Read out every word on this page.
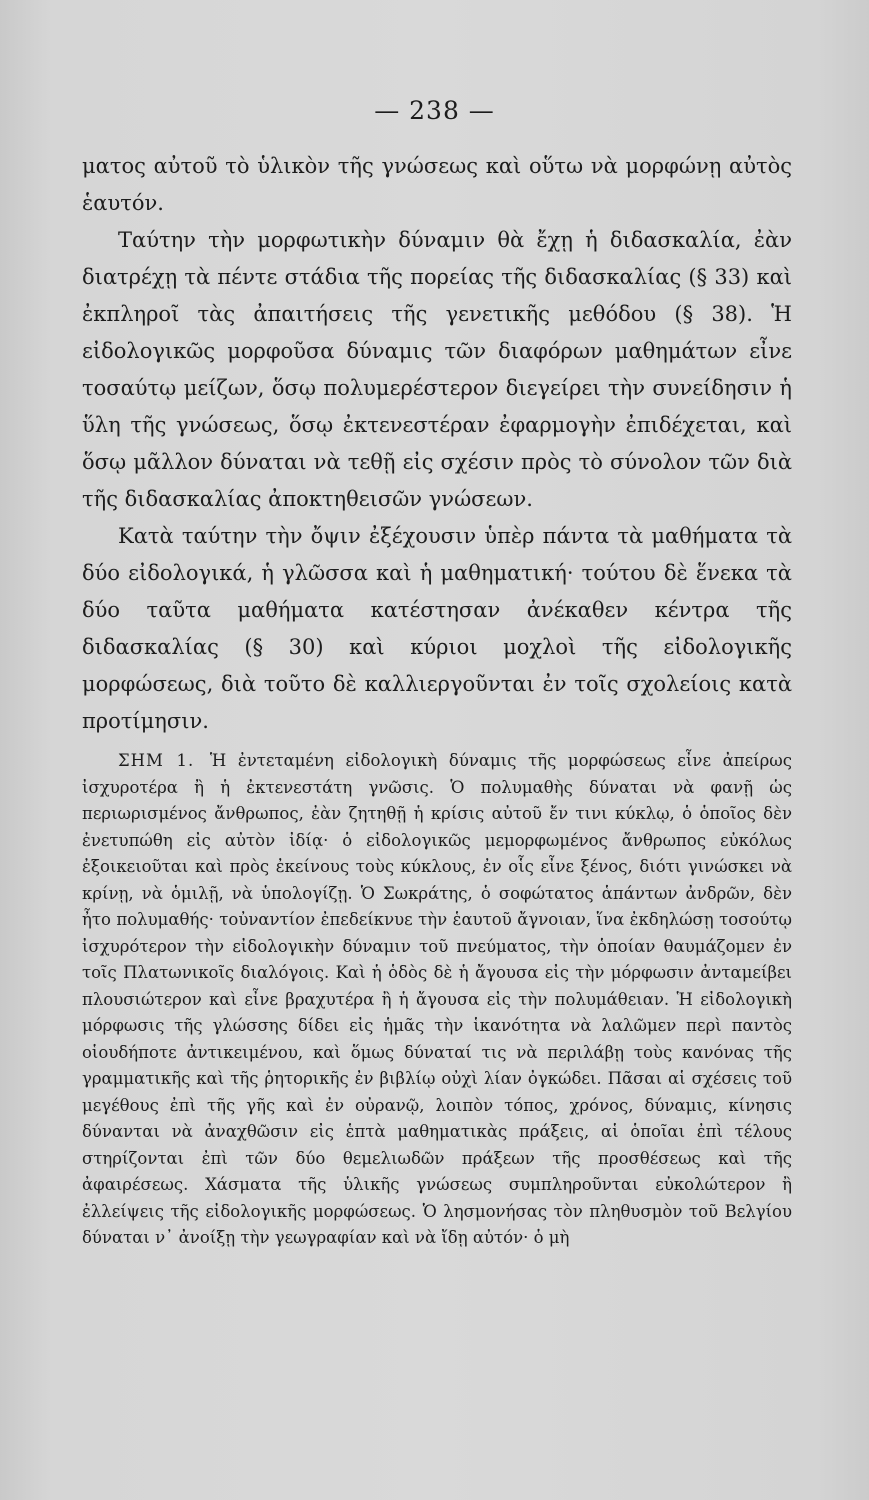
— 238 —

ματος αὐτοῦ τὸ ὑλικὸν τῆς γνώσεως καὶ οὕτω νὰ μορφώνῃ αὐτὸς ἑαυτόν.

Ταύτην τὴν μορφωτικὴν δύναμιν θὰ ἔχῃ ἡ διδασκαλία, ἐὰν διατρέχῃ τὰ πέντε στάδια τῆς πορείας τῆς διδασκαλίας (§ 33) καὶ ἐκπληροῖ τὰς ἀπαιτήσεις τῆς γενετικῆς μεθόδου (§ 38). Ἡ εἰδολογικῶς μορφοῦσα δύναμις τῶν διαφόρων μαθημάτων εἶνε τοσαύτῳ μείζων, ὅσῳ πολυμερέστερον διεγείρει τὴν συνείδησιν ἡ ὕλη τῆς γνώσεως, ὅσῳ ἐκτενεστέραν ἐφαρμογὴν ἐπιδέχεται, καὶ ὅσῳ μᾶλλον δύναται νὰ τεθῇ εἰς σχέσιν πρὸς τὸ σύνολον τῶν διὰ τῆς διδασκαλίας ἀποκτηθεισῶν γνώσεων.

Κατὰ ταύτην τὴν ὄψιν ἐξέχουσιν ὑπὲρ πάντα τὰ μαθήματα τὰ δύο εἰδολογικά, ἡ γλῶσσα καὶ ἡ μαθηματική· τούτου δὲ ἕνεκα τὰ δύο ταῦτα μαθήματα κατέστησαν ἀνέκαθεν κέντρα τῆς διδασκαλίας (§ 30) καὶ κύριοι μοχλοὶ τῆς εἰδολογικῆς μορφώσεως, διὰ τοῦτο δὲ καλλιεργοῦνται ἐν τοῖς σχολείοις κατὰ προτίμησιν.

ΣΗΜ 1. Ἡ ἐντεταμένη εἰδολογικὴ δύναμις τῆς μορφώσεως εἶνε ἀπείρως ἰσχυροτέρα ἢ ἡ ἐκτενεστάτη γνῶσις. Ὁ πολυμαθὴς δύναται νὰ φανῇ ὡς περιωρισμένος ἄνθρωπος, ἐὰν ζητηθῇ ἡ κρίσις αὐτοῦ ἔν τινι κύκλῳ, ὁ ὁποῖος δὲν ἐνετυπώθη εἰς αὐτὸν ἰδίᾳ· ὁ εἰδολογικῶς μεμορφωμένος ἄνθρωπος εὐκόλως ἐξοικειοῦται καὶ πρὸς ἐκείνους τοὺς κύκλους, ἐν οἷς εἶνε ξένος, διότι γινώσκει νὰ κρίνῃ, νὰ ὁμιλῇ, νὰ ὑπολογίζῃ. Ὁ Σωκράτης, ὁ σοφώτατος ἁπάντων ἀνδρῶν, δὲν ἦτο πολυμαθής· τοὐναντίον ἐπεδείκνυε τὴν ἑαυτοῦ ἄγνοιαν, ἵνα ἐκδηλώσῃ τοσούτῳ ἰσχυρότερον τὴν εἰδολογικὴν δύναμιν τοῦ πνεύματος, τὴν ὁποίαν θαυμάζομεν ἐν τοῖς Πλατωνικοῖς διαλόγοις. Καὶ ἡ ὁδὸς δὲ ἡ ἄγουσα εἰς τὴν μόρφωσιν ἀνταμείβει πλουσιώτερον καὶ εἶνε βραχυτέρα ἢ ἡ ἄγουσα εἰς τὴν πολυμάθειαν. Ἡ εἰδολογικὴ μόρφωσις τῆς γλώσσης δίδει εἰς ἡμᾶς τὴν ἱκανότητα νὰ λαλῶμεν περὶ παντὸς οἱουδήποτε ἀντικειμένου, καὶ ὅμως δύναταί τις νὰ περιλάβῃ τοὺς κανόνας τῆς γραμματικῆς καὶ τῆς ῥητορικῆς ἐν βιβλίῳ οὐχὶ λίαν ὀγκώδει. Πᾶσαι αἱ σχέσεις τοῦ μεγέθους ἐπὶ τῆς γῆς καὶ ἐν οὐρανῷ, λοιπὸν τόπος, χρόνος, δύναμις, κίνησις δύνανται νὰ ἀναχθῶσιν εἰς ἑπτὰ μαθηματικὰς πράξεις, αἱ ὁποῖαι ἐπὶ τέλους στηρίζονται ἐπὶ τῶν δύο θεμελιωδῶν πράξεων τῆς προσθέσεως καὶ τῆς ἀφαιρέσεως. Χάσματα τῆς ὑλικῆς γνώσεως συμπληροῦνται εὐκολώτερον ἢ ἐλλείψεις τῆς εἰδολογικῆς μορφώσεως. Ὁ λησμονήσας τὸν πληθυσμὸν τοῦ Βελγίου δύναται ν᾽ ἀνοίξῃ τὴν γεωγραφίαν καὶ νὰ ἴδῃ αὐτόν· ὁ μὴ
